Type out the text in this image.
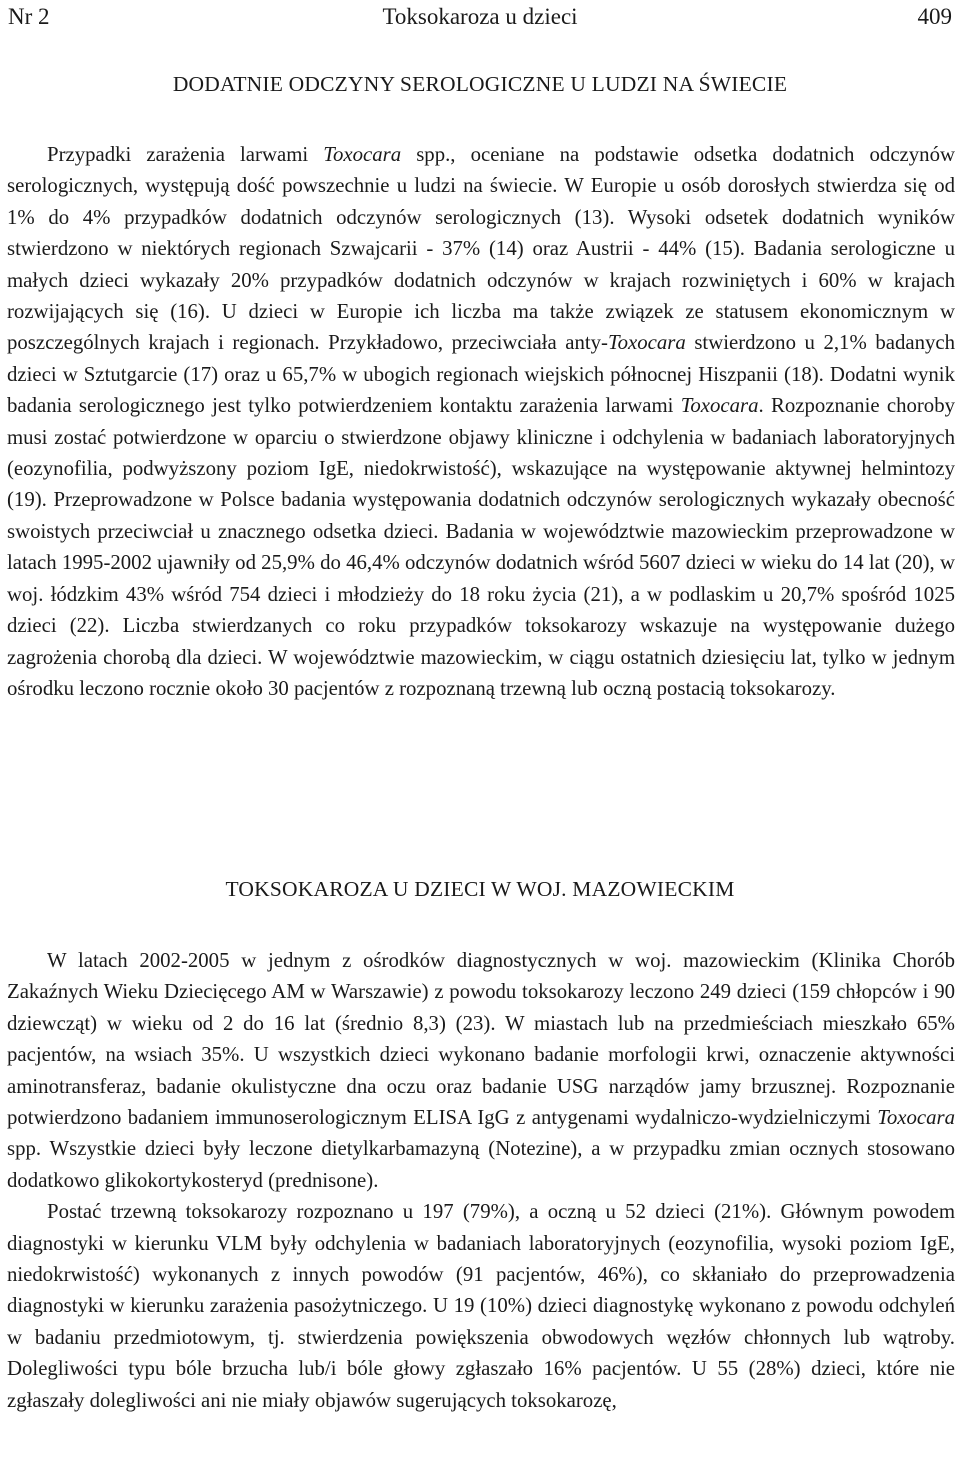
Nr 2	Toksokaroza u dzieci	409
DODATNIE ODCZYNY SEROLOGICZNE U LUDZI NA ŚWIECIE

Przypadki zarażenia larwami Toxocara spp., oceniane na podstawie odsetka dodatnich odczynów serologicznych, występują dość powszechnie u ludzi na świecie. W Europie u osób dorosłych stwierdza się od 1% do 4% przypadków dodatnich odczynów serologicznych (13). Wysoki odsetek dodatnich wyników stwierdzono w niektórych regionach Szwajcarii - 37% (14) oraz Austrii - 44% (15). Badania serologiczne u małych dzieci wykazały 20% przypadków dodatnich odczynów w krajach rozwiniętych i 60% w krajach rozwijających się (16). U dzieci w Europie ich liczba ma także związek ze statusem ekonomicznym w poszczególnych krajach i regionach. Przykładowo, przeciwciała anty-Toxocara stwierdzono u 2,1% badanych dzieci w Sztutgarcie (17) oraz u 65,7% w ubogich regionach wiejskich północnej Hiszpanii (18). Dodatni wynik badania serologicznego jest tylko potwierdzeniem kontaktu zarażenia larwami Toxocara. Rozpoznanie choroby musi zostać potwierdzone w oparciu o stwierdzone objawy kliniczne i odchylenia w badaniach laboratoryjnych (eozynofilia, podwyższony poziom IgE, niedokrwistość), wskazujące na występowanie aktywnej helmintozy (19). Przeprowadzone w Polsce badania występowania dodatnich odczynów serologicznych wykazały obecność swoistych przeciwciał u znacznego odsetka dzieci. Badania w województwie mazowieckim przeprowadzone w latach 1995-2002 ujawniły od 25,9% do 46,4% odczynów dodatnich wśród 5607 dzieci w wieku do 14 lat (20), w woj. łódzkim 43% wśród 754 dzieci i młodzieży do 18 roku życia (21), a w podlaskim u 20,7% spośród 1025 dzieci (22). Liczba stwierdzanych co roku przypadków toksokarozy wskazuje na występowanie dużego zagrożenia chorobą dla dzieci. W województwie mazowieckim, w ciągu ostatnich dziesięciu lat, tylko w jednym ośrodku leczono rocznie około 30 pacjentów z rozpoznaną trzewną lub oczną postacią toksokarozy.

TOKSOKAROZA U DZIECI W WOJ. MAZOWIECKIM

W latach 2002-2005 w jednym z ośrodków diagnostycznych w woj. mazowieckim (Klinika Chorób Zakaźnych Wieku Dziecięcego AM w Warszawie) z powodu toksokarozy leczono 249 dzieci (159 chłopców i 90 dziewcząt) w wieku od 2 do 16 lat (średnio 8,3) (23). W miastach lub na przedmieściach mieszkało 65% pacjentów, na wsiach 35%. U wszystkich dzieci wykonano badanie morfologii krwi, oznaczenie aktywności aminotransferaz, badanie okulistyczne dna oczu oraz badanie USG narządów jamy brzusznej. Rozpoznanie potwierdzono badaniem immunoserologicznym ELISA IgG z antygenami wydalniczo-wydzielniczymi Toxocara spp. Wszystkie dzieci były leczone dietylkarbamazyną (Notezine), a w przypadku zmian ocznych stosowano dodatkowo glikokortykosteryd (prednisone).

Postać trzewną toksokarozy rozpoznano u 197 (79%), a oczną u 52 dzieci (21%). Głównym powodem diagnostyki w kierunku VLM były odchylenia w badaniach laboratoryjnych (eozynofilia, wysoki poziom IgE, niedokrwistość) wykonanych z innych powodów (91 pacjentów, 46%), co skłaniało do przeprowadzenia diagnostyki w kierunku zarażenia pasożytniczego. U 19 (10%) dzieci diagnostykę wykonano z powodu odchyleń w badaniu przedmiotowym, tj. stwierdzenia powiększenia obwodowych węzłów chłonnych lub wątroby. Dolegliwości typu bóle brzucha lub/i bóle głowy zgłaszało 16% pacjentów. U 55 (28%) dzieci, które nie zgłaszały dolegliwości ani nie miały objawów sugerujących toksokarozę,
